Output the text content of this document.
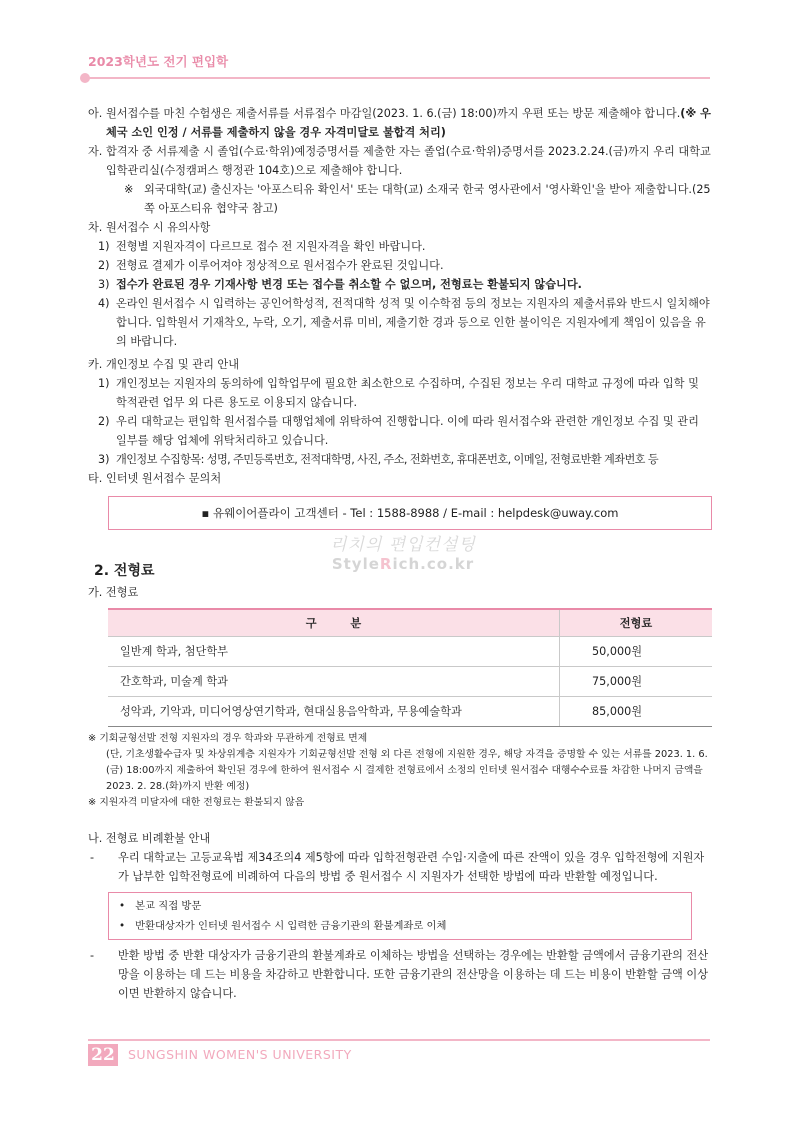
2023학년도 전기 편입학
아.
원서접수를 마친 수험생은 제출서류를 서류접수 마감일(2023. 1. 6.(금) 18:00)까지 우편 또는 방문 제출해야 합니다.(※ 우체국 소인 인정 / 서류를 제출하지 않을 경우 자격미달로 불합격 처리)
자.
합격자 중 서류제출 시 졸업(수료·학위)예정증명서를 제출한 자는 졸업(수료·학위)증명서를 2023.2.24.(금)까지 우리 대학교 입학관리실(수정캠퍼스 행정관 104호)으로 제출해야 합니다.
※ 외국대학(교) 출신자는 '아포스티유 확인서' 또는 대학(교) 소재국 한국 영사관에서 '영사확인'을 받아 제출합니다.(25쪽 아포스티유 협약국 참고)
차.
원서접수 시 유의사항
1) 전형별 지원자격이 다르므로 접수 전 지원자격을 확인 바랍니다.
2) 전형료 결제가 이루어져야 정상적으로 원서접수가 완료된 것입니다.
3) 접수가 완료된 경우 기재사항 변경 또는 접수를 취소할 수 없으며, 전형료는 환불되지 않습니다.
4) 온라인 원서접수 시 입력하는 공인어학성적, 전적대학 성적 및 이수학점 등의 정보는 지원자의 제출서류와 반드시 일치해야 합니다. 입학원서 기재착오, 누락, 오기, 제출서류 미비, 제출기한 경과 등으로 인한 불이익은 지원자에게 책임이 있음을 유의 바랍니다.
카.
개인정보 수집 및 관리 안내
1) 개인정보는 지원자의 동의하에 입학업무에 필요한 최소한으로 수집하며, 수집된 정보는 우리 대학교 규정에 따라 입학 및 학적관련 업무 외 다른 용도로 이용되지 않습니다.
2) 우리 대학교는 편입학 원서접수를 대행업체에 위탁하여 진행합니다. 이에 따라 원서접수와 관련한 개인정보 수집 및 관리 일부를 해당 업체에 위탁처리하고 있습니다.
3) 개인정보 수집항목: 성명, 주민등록번호, 전적대학명, 사진, 주소, 전화번호, 휴대폰번호, 이메일, 전형료반환 계좌번호 등
타.
인터넷 원서접수 문의처
▪ 유웨이어플라이 고객센터 - Tel : 1588-8988 / E-mail : helpdesk@uway.com
2. 전형료
가. 전형료
구 분	전형료
일반계 학과, 첨단학부	50,000원
간호학과, 미술계 학과	75,000원
성악과, 기악과, 미디어영상연기학과, 현대실용음악학과, 무용예술학과	85,000원
※ 기회균형선발 전형 지원자의 경우 학과와 무관하게 전형료 면제
(단, 기초생활수급자 및 차상위계층 지원자가 기회균형선발 전형 외 다른 전형에 지원한 경우, 해당 자격을 증명할 수 있는 서류를 2023. 1. 6.(금) 18:00까지 제출하여 확인된 경우에 한하여 원서접수 시 결제한 전형료에서 소정의 인터넷 원서접수 대행수수료를 차감한 나머지 금액을 2023. 2. 28.(화)까지 반환 예정)
※ 지원자격 미달자에 대한 전형료는 환불되지 않음
나. 전형료 비례환불 안내
-	우리 대학교는 고등교육법 제34조의4 제5항에 따라 입학전형관련 수입·지출에 따른 잔액이 있을 경우 입학전형에 지원자가 납부한 입학전형료에 비례하여 다음의 방법 중 원서접수 시 지원자가 선택한 방법에 따라 반환할 예정입니다.
• 본교 직접 방문
• 반환대상자가 인터넷 원서접수 시 입력한 금융기관의 환불계좌로 이체
-	반환 방법 중 반환 대상자가 금융기관의 환불계좌로 이체하는 방법을 선택하는 경우에는 반환할 금액에서 금융기관의 전산망을 이용하는 데 드는 비용을 차감하고 반환합니다. 또한 금융기관의 전산망을 이용하는 데 드는 비용이 반환할 금액 이상이면 반환하지 않습니다.
리치의 편입컨설팅
StyleRich.co.kr
22 SUNGSHIN WOMEN'S UNIVERSITY
